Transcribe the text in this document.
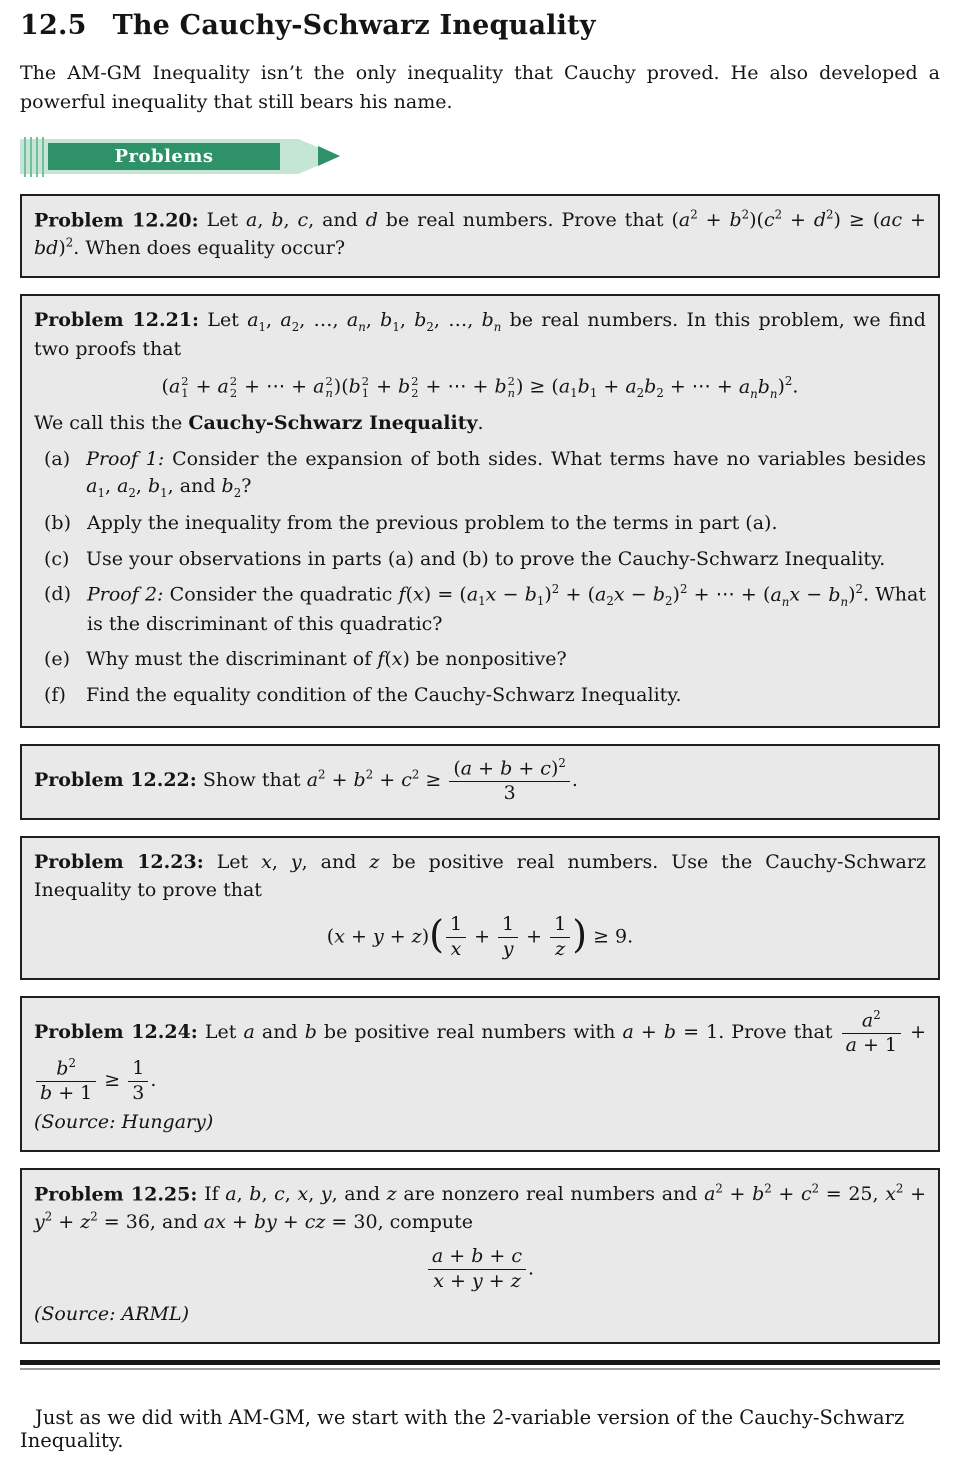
12.5 The Cauchy-Schwarz Inequality

The AM-GM Inequality isn’t the only inequality that Cauchy proved. He also developed a powerful inequality that still bears his name.

Problems

Problem 12.20: Let a, b, c, and d be real numbers. Prove that $(a^2 + b^2)(c^2 + d^2) \ge (ac + bd)^2$. When does equality occur?

Problem 12.21: Let $a_1$, $a_2$, …, $a_n$, $b_1$, $b_2$, …, $b_n$ be real numbers. In this problem, we find two proofs that

(a 2
1 + a 2
2 + ⋯ + a 2
n )(b 2
1 + b 2
2 + ⋯ + b 2
n ) ≥ ($a_1b_1 + a_2b_2$ + ⋯ + $a_nb_n)^2$.

We call this the Cauchy-Schwarz Inequality.

(a) Proof 1: Consider the expansion of both sides. What terms have no variables besides $a_1$, $a_2$, $b_1$, and $b_2$?
(b) Apply the inequality from the previous problem to the terms in part (a).
(c) Use your observations in parts (a) and (b) to prove the Cauchy-Schwarz Inequality.
(d) Proof 2: Consider the quadratic $f(x) = (a_1x - b_1)^2 + (a_2x - b_2)^2$ + ⋯ + $(a_nx - b_n)^2$. What is the discriminant of this quadratic?
(e) Why must the discriminant of f(x) be nonpositive?
(f) Find the equality condition of the Cauchy-Schwarz Inequality.

Problem 12.22: Show that $a^2 + b^2 + c^2 \ge \frac{(a + b + c)^2}{3}$ .

Problem 12.23: Let x, y, and z be positive real numbers. Use the Cauchy-Schwarz Inequality to prove that

$(x + y + z)( \frac{1}{x} + \frac{1}{y} + \frac{1}{z}$ ) ≥ 9.

Problem 12.24: Let a and b be positive real numbers with a + b = 1. Prove that $\frac{a^2}{a + 1}$ +
$\frac{b^2}{b + 1} \ge \frac{1}{3}$ .

(Source: Hungary)

Problem 12.25: If a, b, c, x, y, and z are nonzero real numbers and $a^2 + b^2 + c^2 = 25$, $x^2 + y^2 + z^2 = 36$, and ax + by + cz = 30, compute

$\frac{a + b + c}{x + y + z}$ .

(Source: ARML)

Just as we did with AM-GM, we start with the 2-variable version of the Cauchy-Schwarz Inequality.
